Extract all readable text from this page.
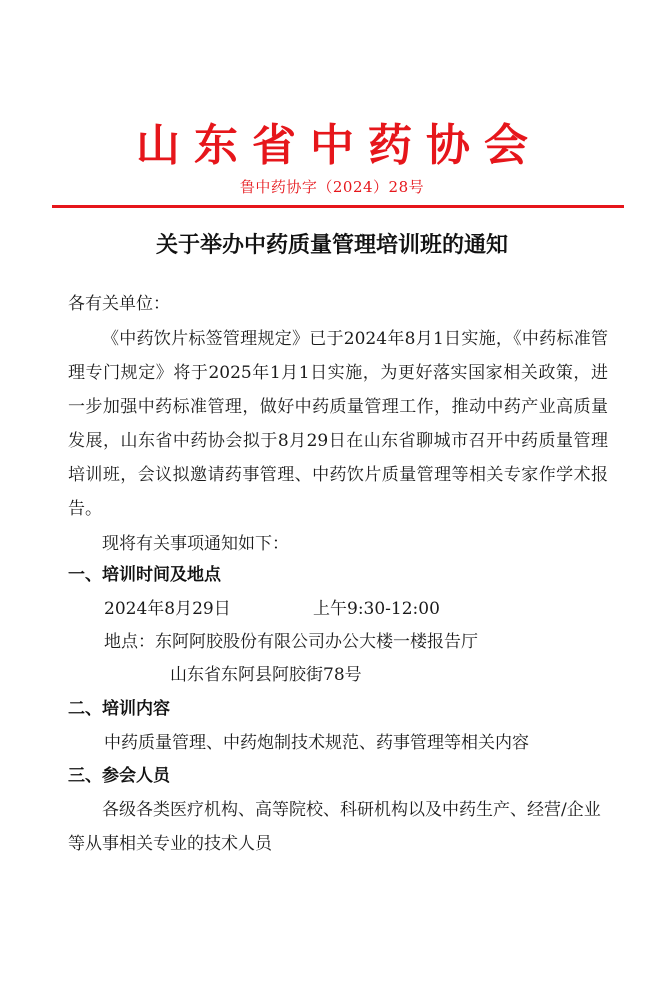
山东省中药协会
鲁中药协字（2024）28号
关于举办中药质量管理培训班的通知
各有关单位：
《中药饮片标签管理规定》已于2024年8月1日实施，《中药标准管理专门规定》将于2025年1月1日实施，为更好落实国家相关政策，进一步加强中药标准管理，做好中药质量管理工作，推动中药产业高质量发展，山东省中药协会拟于8月29日在山东省聊城市召开中药质量管理培训班，会议拟邀请药事管理、中药饮片质量管理等相关专家作学术报告。
现将有关事项通知如下：
一、培训时间及地点
2024年8月29日	上午9:30-12:00
地点：东阿阿胶股份有限公司办公大楼一楼报告厅
山东省东阿县阿胶街78号
二、培训内容
中药质量管理、中药炮制技术规范、药事管理等相关内容
三、参会人员
各级各类医疗机构、高等院校、科研机构以及中药生产、经营/企业等从事相关专业的技术人员
